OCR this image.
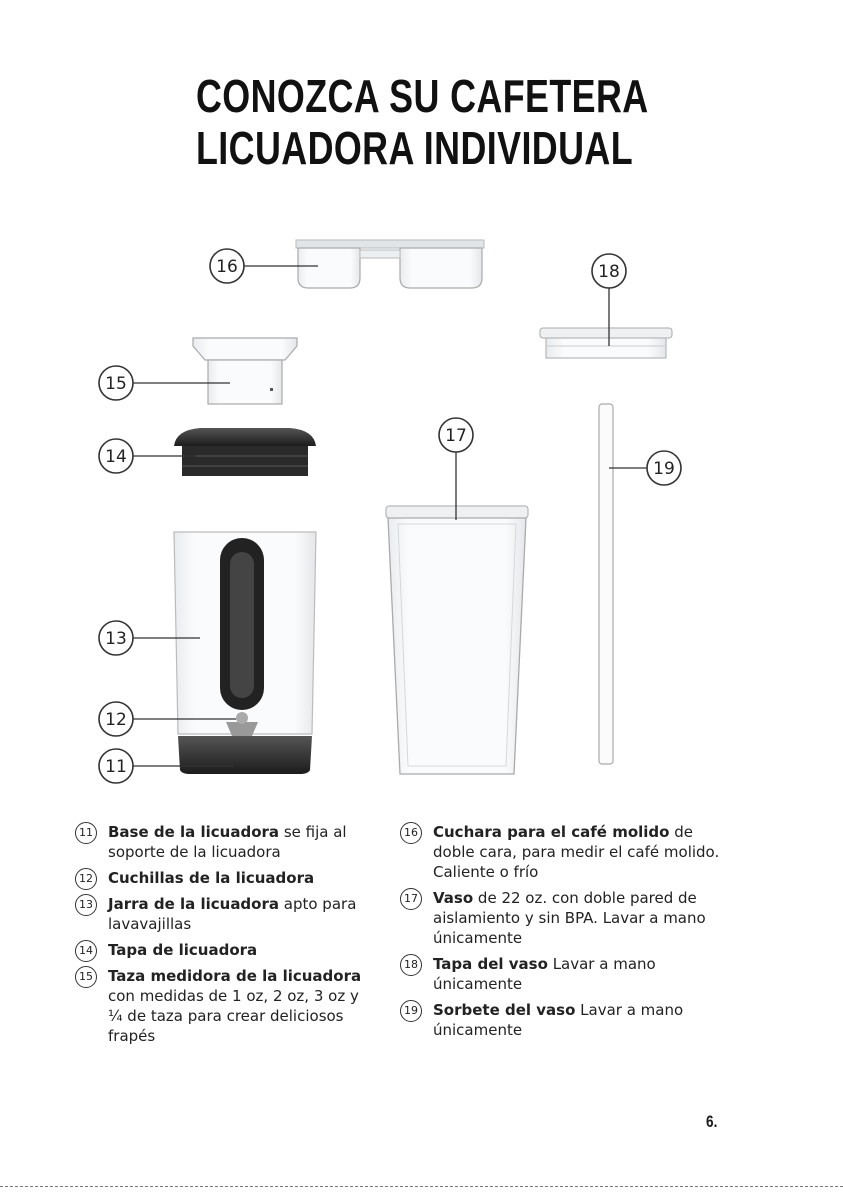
CONOZCA SU CAFETERA
LICUADORA INDIVIDUAL
16	18
15
14
17
19
13
12
11
11 Base de la licuadora se fija al soporte de la licuadora
12 Cuchillas de la licuadora
13 Jarra de la licuadora apto para lavavajillas
14 Tapa de licuadora
15 Taza medidora de la licuadora con medidas de 1 oz, 2 oz, 3 oz y ¼ de taza para crear deliciosos frapés
16 Cuchara para el café molido de doble cara, para medir el café molido. Caliente o frío
17 Vaso de 22 oz. con doble pared de aislamiento y sin BPA. Lavar a mano únicamente
18 Tapa del vaso Lavar a mano únicamente
19 Sorbete del vaso Lavar a mano únicamente
6.
